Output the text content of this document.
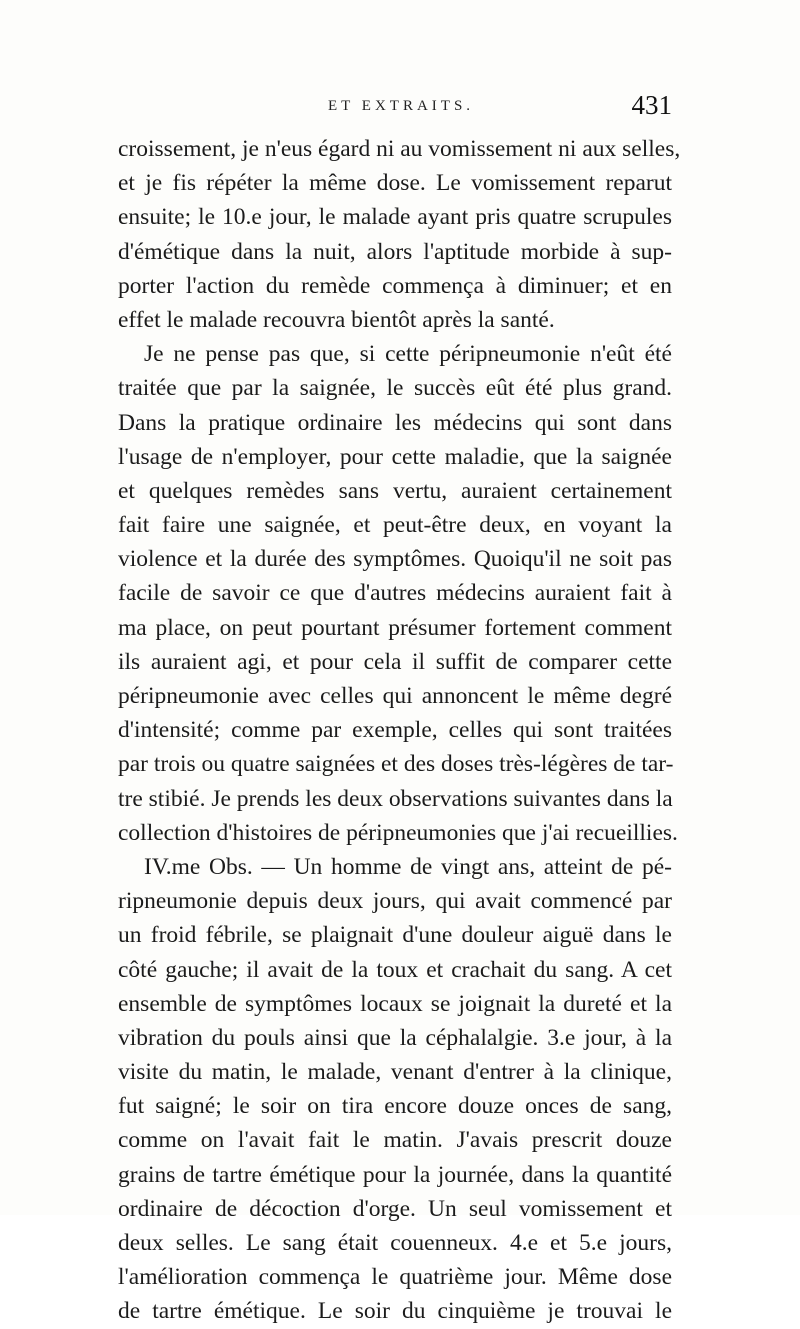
ET EXTRAITS.	431
croissement, je n'eus égard ni au vomissement ni aux selles,
et je fis répéter la même dose. Le vomissement reparut
ensuite; le 10.e jour, le malade ayant pris quatre scrupules
d'émétique dans la nuit, alors l'aptitude morbide à sup-
porter l'action du remède commença à diminuer; et en
effet le malade recouvra bientôt après la santé.
Je ne pense pas que, si cette péripneumonie n'eût été
traitée que par la saignée, le succès eût été plus grand.
Dans la pratique ordinaire les médecins qui sont dans
l'usage de n'employer, pour cette maladie, que la saignée
et quelques remèdes sans vertu, auraient certainement
fait faire une saignée, et peut-être deux, en voyant la
violence et la durée des symptômes. Quoiqu'il ne soit pas
facile de savoir ce que d'autres médecins auraient fait à
ma place, on peut pourtant présumer fortement comment
ils auraient agi, et pour cela il suffit de comparer cette
péripneumonie avec celles qui annoncent le même degré
d'intensité; comme par exemple, celles qui sont traitées
par trois ou quatre saignées et des doses très-légères de tar-
tre stibié. Je prends les deux observations suivantes dans la
collection d'histoires de péripneumonies que j'ai recueillies.
IV.me Obs. — Un homme de vingt ans, atteint de pé-
ripneumonie depuis deux jours, qui avait commencé par
un froid fébrile, se plaignait d'une douleur aiguë dans le
côté gauche; il avait de la toux et crachait du sang. A cet
ensemble de symptômes locaux se joignait la dureté et la
vibration du pouls ainsi que la céphalalgie. 3.e jour, à la
visite du matin, le malade, venant d'entrer à la clinique,
fut saigné; le soir on tira encore douze onces de sang,
comme on l'avait fait le matin. J'avais prescrit douze
grains de tartre émétique pour la journée, dans la quantité
ordinaire de décoction d'orge. Un seul vomissement et
deux selles. Le sang était couenneux. 4.e et 5.e jours,
l'amélioration commença le quatrième jour. Même dose
de tartre émétique. Le soir du cinquième je trouvai le
